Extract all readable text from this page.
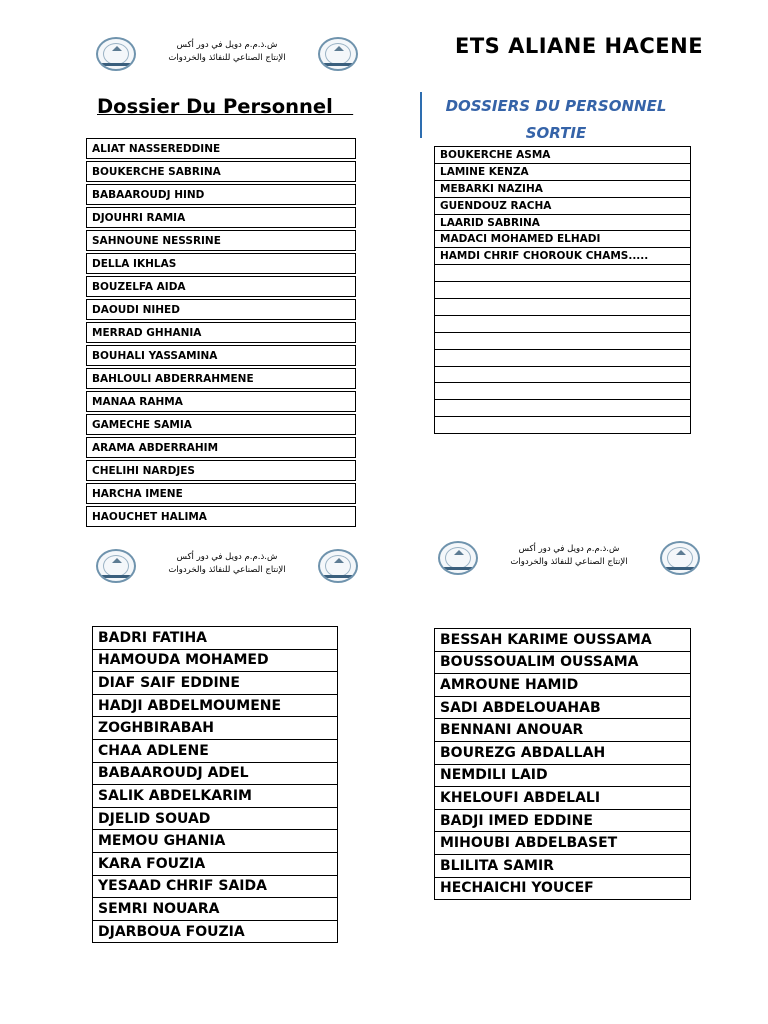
ش.ذ.م.م دويل في دور أكس
الإنتاج الصناعي للنفائذ والخردوات
ش.ذ.م.م دويل في دور أكس
الإنتاج الصناعي للنفائذ والخردوات
ش.ذ.م.م دويل في دور أكس
الإنتاج الصناعي للنفائذ والخردوات
ETS ALIANE HACENE
Dossier Du Personnel	DOSSIERS DU PERSONNEL
SORTIE
ALIAT NASSEREDDINE

BOUKERCHE SABRINA

BABAAROUDJ HIND

DJOUHRI RAMIA

SAHNOUNE NESSRINE

DELLA IKHLAS

BOUZELFA AIDA

DAOUDI NIHED

MERRAD GHHANIA

BOUHALI YASSAMINA

BAHLOULI ABDERRAHMENE

MANAA RAHMA

GAMECHE SAMIA

ARAMA ABDERRAHIM

CHELIHI NARDJES

HARCHA IMENE

HAOUCHET HALIMA
BOUKERCHE ASMA
LAMINE KENZA
MEBARKI NAZIHA
GUENDOUZ RACHA
LAARID SABRINA
MADACI MOHAMED ELHADI
HAMDI CHRIF CHOROUK CHAMS.....

BADRI FATIHA
HAMOUDA MOHAMED
DIAF SAIF EDDINE
HADJI ABDELMOUMENE
ZOGHBIRABAH
CHAA ADLENE
BABAAROUDJ ADEL
SALIK ABDELKARIM
DJELID SOUAD
MEMOU GHANIA
KARA FOUZIA
YESAAD CHRIF SAIDA
SEMRI NOUARA
DJARBOUA FOUZIA
BESSAH KARIME OUSSAMA
BOUSSOUALIM OUSSAMA
AMROUNE HAMID
SADI ABDELOUAHAB
BENNANI ANOUAR
BOUREZG ABDALLAH
NEMDILI LAID
KHELOUFI ABDELALI
BADJI IMED EDDINE
MIHOUBI ABDELBASET
BLILITA SAMIR
HECHAICHI YOUCEF
